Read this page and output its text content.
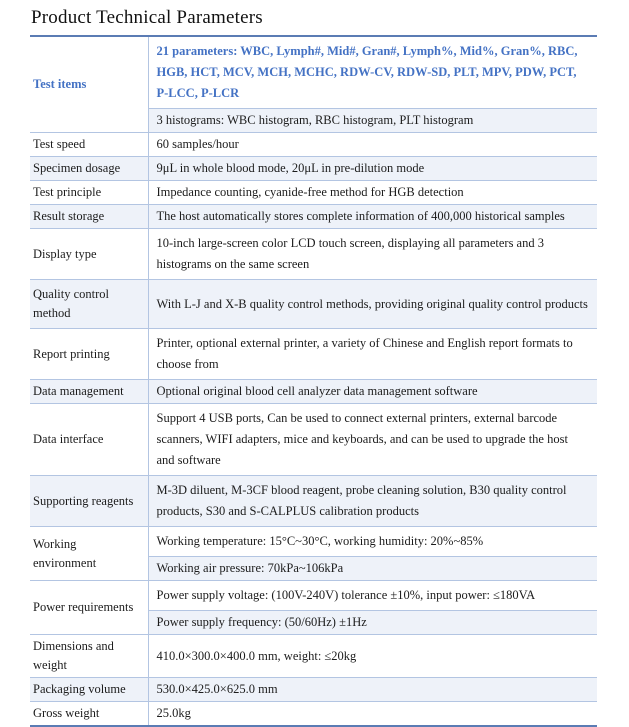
Product Technical Parameters
Test items	21 parameters: WBC, Lymph#, Mid#, Gran#, Lymph%, Mid%, Gran%, RBC, HGB, HCT, MCV, MCH, MCHC, RDW-CV, RDW-SD, PLT, MPV, PDW, PCT, P-LCC, P-LCR
	3 histograms: WBC histogram, RBC histogram, PLT histogram
Test speed	60 samples/hour
Specimen dosage	9μL in whole blood mode, 20μL in pre-dilution mode
Test principle	Impedance counting, cyanide-free method for HGB detection
Result storage	The host automatically stores complete information of 400,000 historical samples
Display type	10-inch large-screen color LCD touch screen, displaying all parameters and 3 histograms on the same screen
Quality control method	With L-J and X-B quality control methods, providing original quality control products
Report printing	Printer, optional external printer, a variety of Chinese and English report formats to choose from
Data management	Optional original blood cell analyzer data management software
Data interface	Support 4 USB ports, Can be used to connect external printers, external barcode scanners, WIFI adapters, mice and keyboards, and can be used to upgrade the host and software
Supporting reagents	M-3D diluent, M-3CF blood reagent, probe cleaning solution, B30 quality control products, S30 and S-CALPLUS calibration products
Working environment	Working temperature: 15°C~30°C, working humidity: 20%~85%
	Working air pressure: 70kPa~106kPa
Power requirements	Power supply voltage: (100V-240V) tolerance ±10%, input power: ≤180VA
	Power supply frequency: (50/60Hz) ±1Hz
Dimensions and weight	410.0×300.0×400.0 mm, weight: ≤20kg
Packaging volume	530.0×425.0×625.0 mm
Gross weight	25.0kg
